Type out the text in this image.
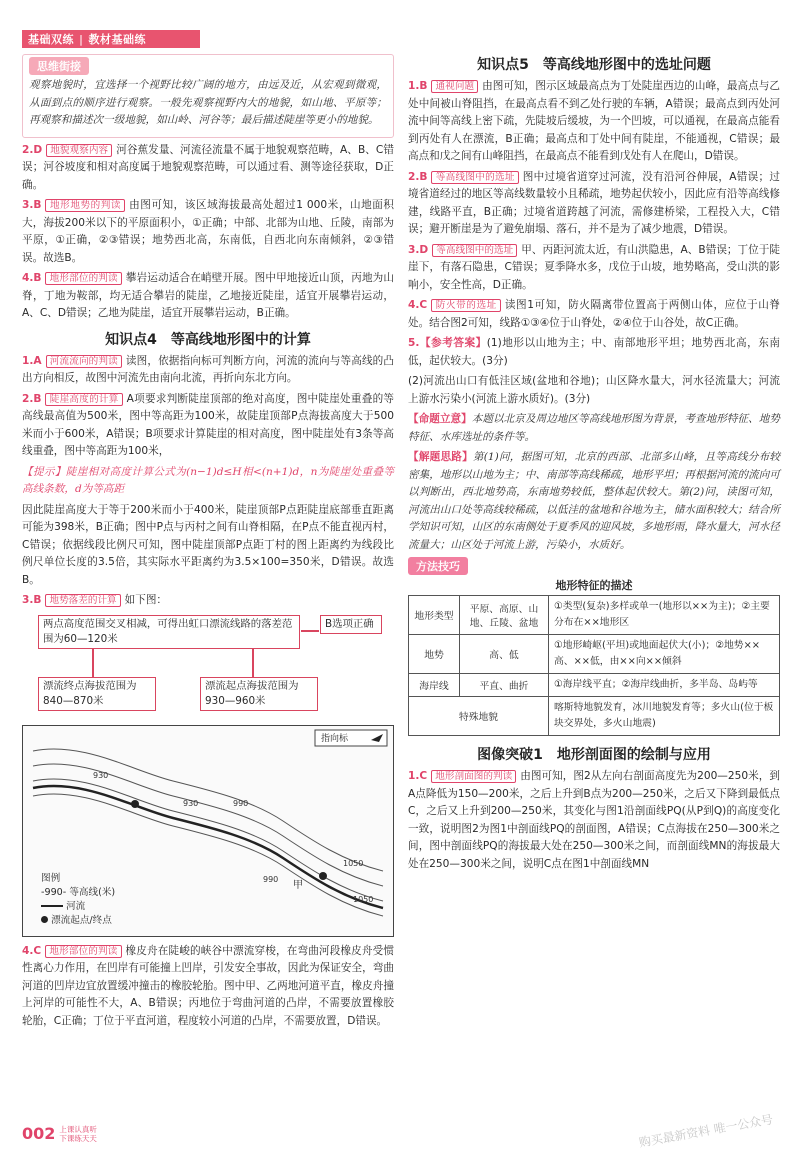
基础双练 | 教材基础练
思维街接

观察地貌时，宜选择一个视野比较广阔的地方，由远及近，从宏观到微观，从面到点的顺序进行观察。一般先观察视野内大的地貌，如山地、平原等；再观察和描述次一级地貌，如山岭、河谷等；最后描述陡崖等更小的地貌。

2.D 地貌观察内容 河谷蕉发量、河流径流量不属于地貌观察范畴，A、B、C错误；河谷坡度和相对高度属于地貌观察范畴，可以通过看、测等途径获取，D正确。

3.B 地形地势的判读 由图可知，该区域海拔最高处超过1 000米，山地面积大，海拔200米以下的平原面积小，①正确；中部、北部为山地、丘陵，南部为平原，①正确，②③错误；地势西北高，东南低，自西北向东南倾斜，②③错误。故选B。

4.B 地形部位的判读 攀岩运动适合在峭壁开展。图中甲地接近山顶，丙地为山脊，丁地为鞍部，均无适合攀岩的陡崖，乙地接近陡崖，适宜开展攀岩运动，A、C、D错误；乙地为陡崖，适宜开展攀岩运动，B正确。

知识点4　等高线地形图中的计算

1.A 河流流向的判读 读图，依据指向标可判断方向，河流的流向与等高线的凸出方向相反，故图中河流先由南向北流，再折向东北方向。

2.B 陡崖高度的计算 A项要求判断陡崖顶部的绝对高度，图中陡崖处重叠的等高线最高值为500米，图中等高距为100米，故陡崖顶部P点海拔高度大于500米而小于600米，A错误；B项要求计算陡崖的相对高度，图中陡崖处有3条等高线重叠，图中等高距为100米，

【提示】陡崖相对高度计算公式为(n−1)d≤H相<(n+1)d，n为陡崖处重叠等高线条数，d为等高距

因此陡崖高度大于等于200米而小于400米，陡崖顶部P点距陡崖底部垂直距离可能为398米，B正确；图中P点与丙村之间有山脊相隔，在P点不能直视丙村，C错误；依据线段比例尺可知，图中陡崖顶部P点距丁村的图上距离约为线段比例尺单位长度的3.5倍，其实际水平距离约为3.5×100=350米，D错误。故选B。

3.B 地势落差的计算 如下图：

两点高度范围交叉相减，可得出虹口漂流线路的落差范围为60—120米
B选项正确
漂流终点海拔范围为840—870米
漂流起点海拔范围为930—960米
930	990
1050
1050
990
930
甲
指向标
图例
-990- 等高线(米)
河流
漂流起点/终点

4.C 地形部位的判读 橡皮舟在陡峻的峡谷中漂流穿梭，在弯曲河段橡皮舟受惯性离心力作用，在凹岸有可能撞上凹岸，引发安全事故，因此为保证安全，弯曲河道的凹岸边宜放置缓冲撞击的橡胶轮胎。图中甲、乙两地河道平直，橡皮舟撞上河岸的可能性不大，A、B错误；丙地位于弯曲河道的凸岸，不需要放置橡胶轮胎，C正确；丁位于平直河道，程度较小河道的凸岸，不需要放置，D错误。

知识点5　等高线地形图中的选址问题

1.B 通视问题 由图可知，图示区域最高点为丁处陡崖西边的山峰，最高点与乙处中间被山脊阻挡，在最高点看不到乙处行驶的车辆，A错误；最高点到丙处河流中间等高线上密下疏，先陡坡后缓坡，为一个凹坡，可以通视，在最高点能看到丙处有人在漂流，B正确；最高点和丁处中间有陡崖，不能通视，C错误；最高点和戊之间有山峰阻挡，在最高点不能看到戊处有人在爬山，D错误。

2.B 等高线图中的选址 图中过境省道穿过河流，没有沿河谷伸展，A错误；过境省道经过的地区等高线数量较小且稀疏，地势起伏较小，因此应有沿等高线修建，线路平直，B正确；过境省道跨越了河流，需修建桥梁，工程投入大，C错误；避开断崖是为了避免崩塌、落石，并不是为了减少地震，D错误。

3.D 等高线图中的选址 甲、丙距河流太近，有山洪隐患，A、B错误；丁位于陡崖下，有落石隐患，C错误；夏季降水多，戊位于山坡，地势略高，受山洪的影响小，安全性高，D正确。

4.C 防火带的选址 读图1可知，防火隔离带位置高于两侧山体，应位于山脊处。结合图2可知，线路①③④位于山脊处，②④位于山谷处，故C正确。

5.【参考答案】(1)地形以山地为主；中、南部地形平坦；地势西北高，东南低，起伏较大。(3分)

(2)河流出山口有低洼区域(盆地和谷地)；山区降水量大，河水径流量大；河流上游水污染小(河流上游水质好)。(3分)

【命题立意】本题以北京及周边地区等高线地形图为背景，考查地形特征、地势特征、水库选址的条件等。

【解题思路】第(1)问，据图可知，北京的西部、北部多山峰，且等高线分布较密集，地形以山地为主；中、南部等高线稀疏，地形平坦；再根据河流的流向可以判断出，西北地势高，东南地势较低，整体起伏较大。第(2)问，读图可知，河流出山口处等高线较稀疏，以低洼的盆地和谷地为主，储水面积较大；结合所学知识可知，山区的东南侧处于夏季风的迎风坡，多地形雨，降水量大，河水径流量大；山区处于河流上游，污染小，水质好。

方法技巧
地形特征的描述
地形类型	平原、高原、山地、丘陵、盆地	①类型(复杂)多样或单一(地形以××为主)；②主要分布在××地形区
地势	高、低	①地形崎岖(平坦)或地面起伏大(小)；②地势××高、××低，由××向××倾斜
海岸线	平直、曲折	①海岸线平直；②海岸线曲折，多半岛、岛屿等
特殊地貌		喀斯特地貌发育，冰川地貌发育等；多火山(位于板块交界处，多火山地震)
图像突破1　地形剖面图的绘制与应用

1.C 地形剖面图的判读 由图可知，图2从左向右剖面高度先为200—250米，到A点降低为150—200米，之后上升到B点为200—250米，之后又下降到最低点C，之后又上升到200—250米，其变化与图1沿剖面线PQ(从P到Q)的高度变化一致，说明图2为图1中剖面线PQ的剖面图，A错误；C点海拔在250—300米之间，图中剖面线PQ的海拔最大处在250—300米之间，而剖面线MN的海拔最大处在250—300米之间，说明C点在图1中剖面线MN

002 上课认真听
下课练天天	购买最新资料 唯一公众号
